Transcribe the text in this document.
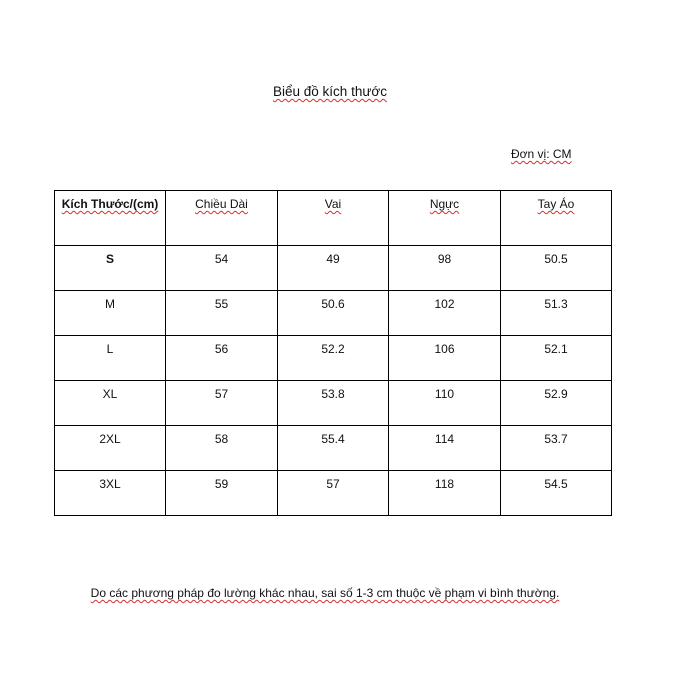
Biểu đồ kích thước
Đơn vị: CM
Kích Thước/(cm)	Chiều Dài	Vai	Ngực	Tay Áo
S	54	49	98	50.5
M	55	50.6	102	51.3
L	56	52.2	106	52.1
XL	57	53.8	110	52.9
2XL	58	55.4	114	53.7
3XL	59	57	118	54.5
Do các phương pháp đo lường khác nhau, sai số 1-3 cm thuộc về phạm vi bình thường.
